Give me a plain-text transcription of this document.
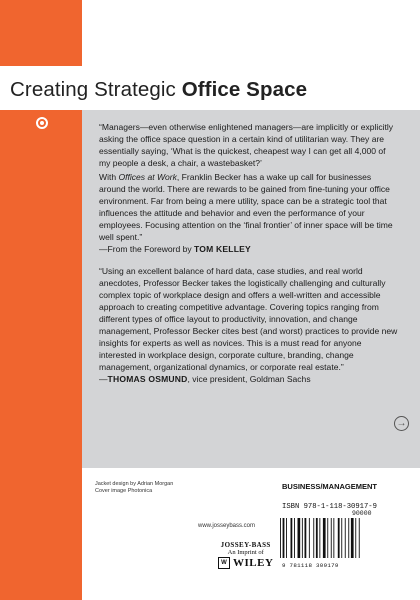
Creating Strategic Office Space
“Managers—even otherwise enlightened managers—are implicitly or explicitly asking the office space question in a certain kind of utilitarian way. They are essentially saying, ‘What is the quickest, cheapest way I can get all 4,000 of my people a desk, a chair, a wastebasket?’
With Offices at Work, Franklin Becker has a wake up call for businesses around the world. There are rewards to be gained from fine-tuning your office environment. Far from being a mere utility, space can be a strategic tool that influences the attitude and behavior and even the performance of your employees. Focusing attention on the ‘final frontier’ of inner space will be time well spent.”
—From the Foreword by TOM KELLEY
“Using an excellent balance of hard data, case studies, and real world anecdotes, Professor Becker takes the logistically challenging and culturally complex topic of workplace design and offers a well-written and accessible approach to creating competitive advantage. Covering topics ranging from different types of office layout to productivity, innovation, and change management, Professor Becker cites best (and worst) practices to provide new insights for experts as well as novices. This is a must read for anyone interested in workplace design, corporate culture, branding, change management, organizational dynamics, or corporate real estate.”
—THOMAS OSMUND, vice president, Goldman Sachs
→
Jacket design by Adrian Morgan
Cover image Photonica
www.josseybass.com
BUSINESS/MANAGEMENT
ISBN 978-1-118-30917-9
90000
9 781118 309179
JOSSEY-BASS
An Imprint of
W WILEY
